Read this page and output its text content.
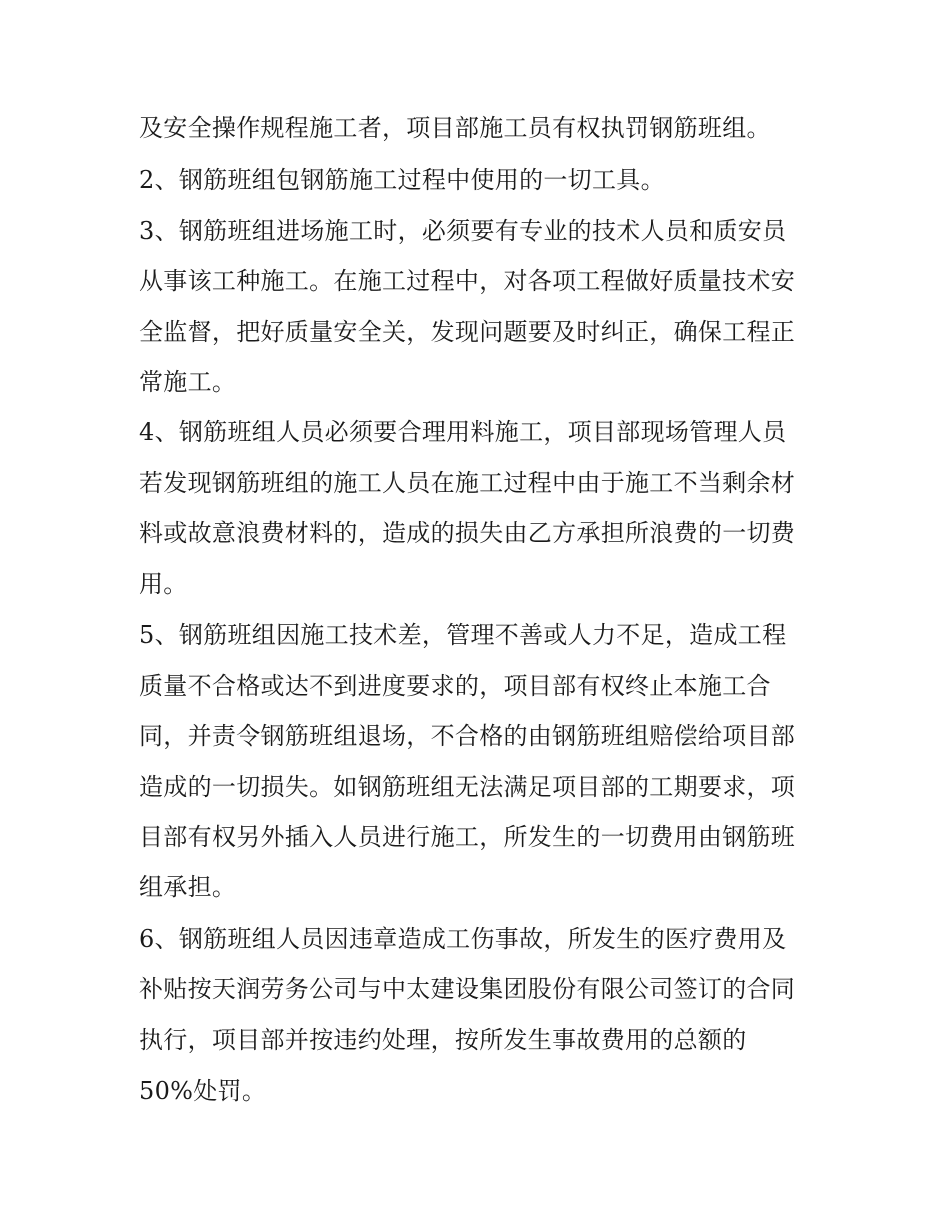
及安全操作规程施工者，项目部施工员有权执罚钢筋班组。
2、钢筋班组包钢筋施工过程中使用的一切工具。
3、钢筋班组进场施工时，必须要有专业的技术人员和质安员
从事该工种施工。在施工过程中，对各项工程做好质量技术安
全监督，把好质量安全关，发现问题要及时纠正，确保工程正
常施工。
4、钢筋班组人员必须要合理用料施工，项目部现场管理人员
若发现钢筋班组的施工人员在施工过程中由于施工不当剩余材
料或故意浪费材料的，造成的损失由乙方承担所浪费的一切费
用。
5、钢筋班组因施工技术差，管理不善或人力不足，造成工程
质量不合格或达不到进度要求的，项目部有权终止本施工合
同，并责令钢筋班组退场，不合格的由钢筋班组赔偿给项目部
造成的一切损失。如钢筋班组无法满足项目部的工期要求，项
目部有权另外插入人员进行施工，所发生的一切费用由钢筋班
组承担。
6、钢筋班组人员因违章造成工伤事故，所发生的医疗费用及
补贴按天润劳务公司与中太建设集团股份有限公司签订的合同
执行，项目部并按违约处理，按所发生事故费用的总额的
50%处罚。
